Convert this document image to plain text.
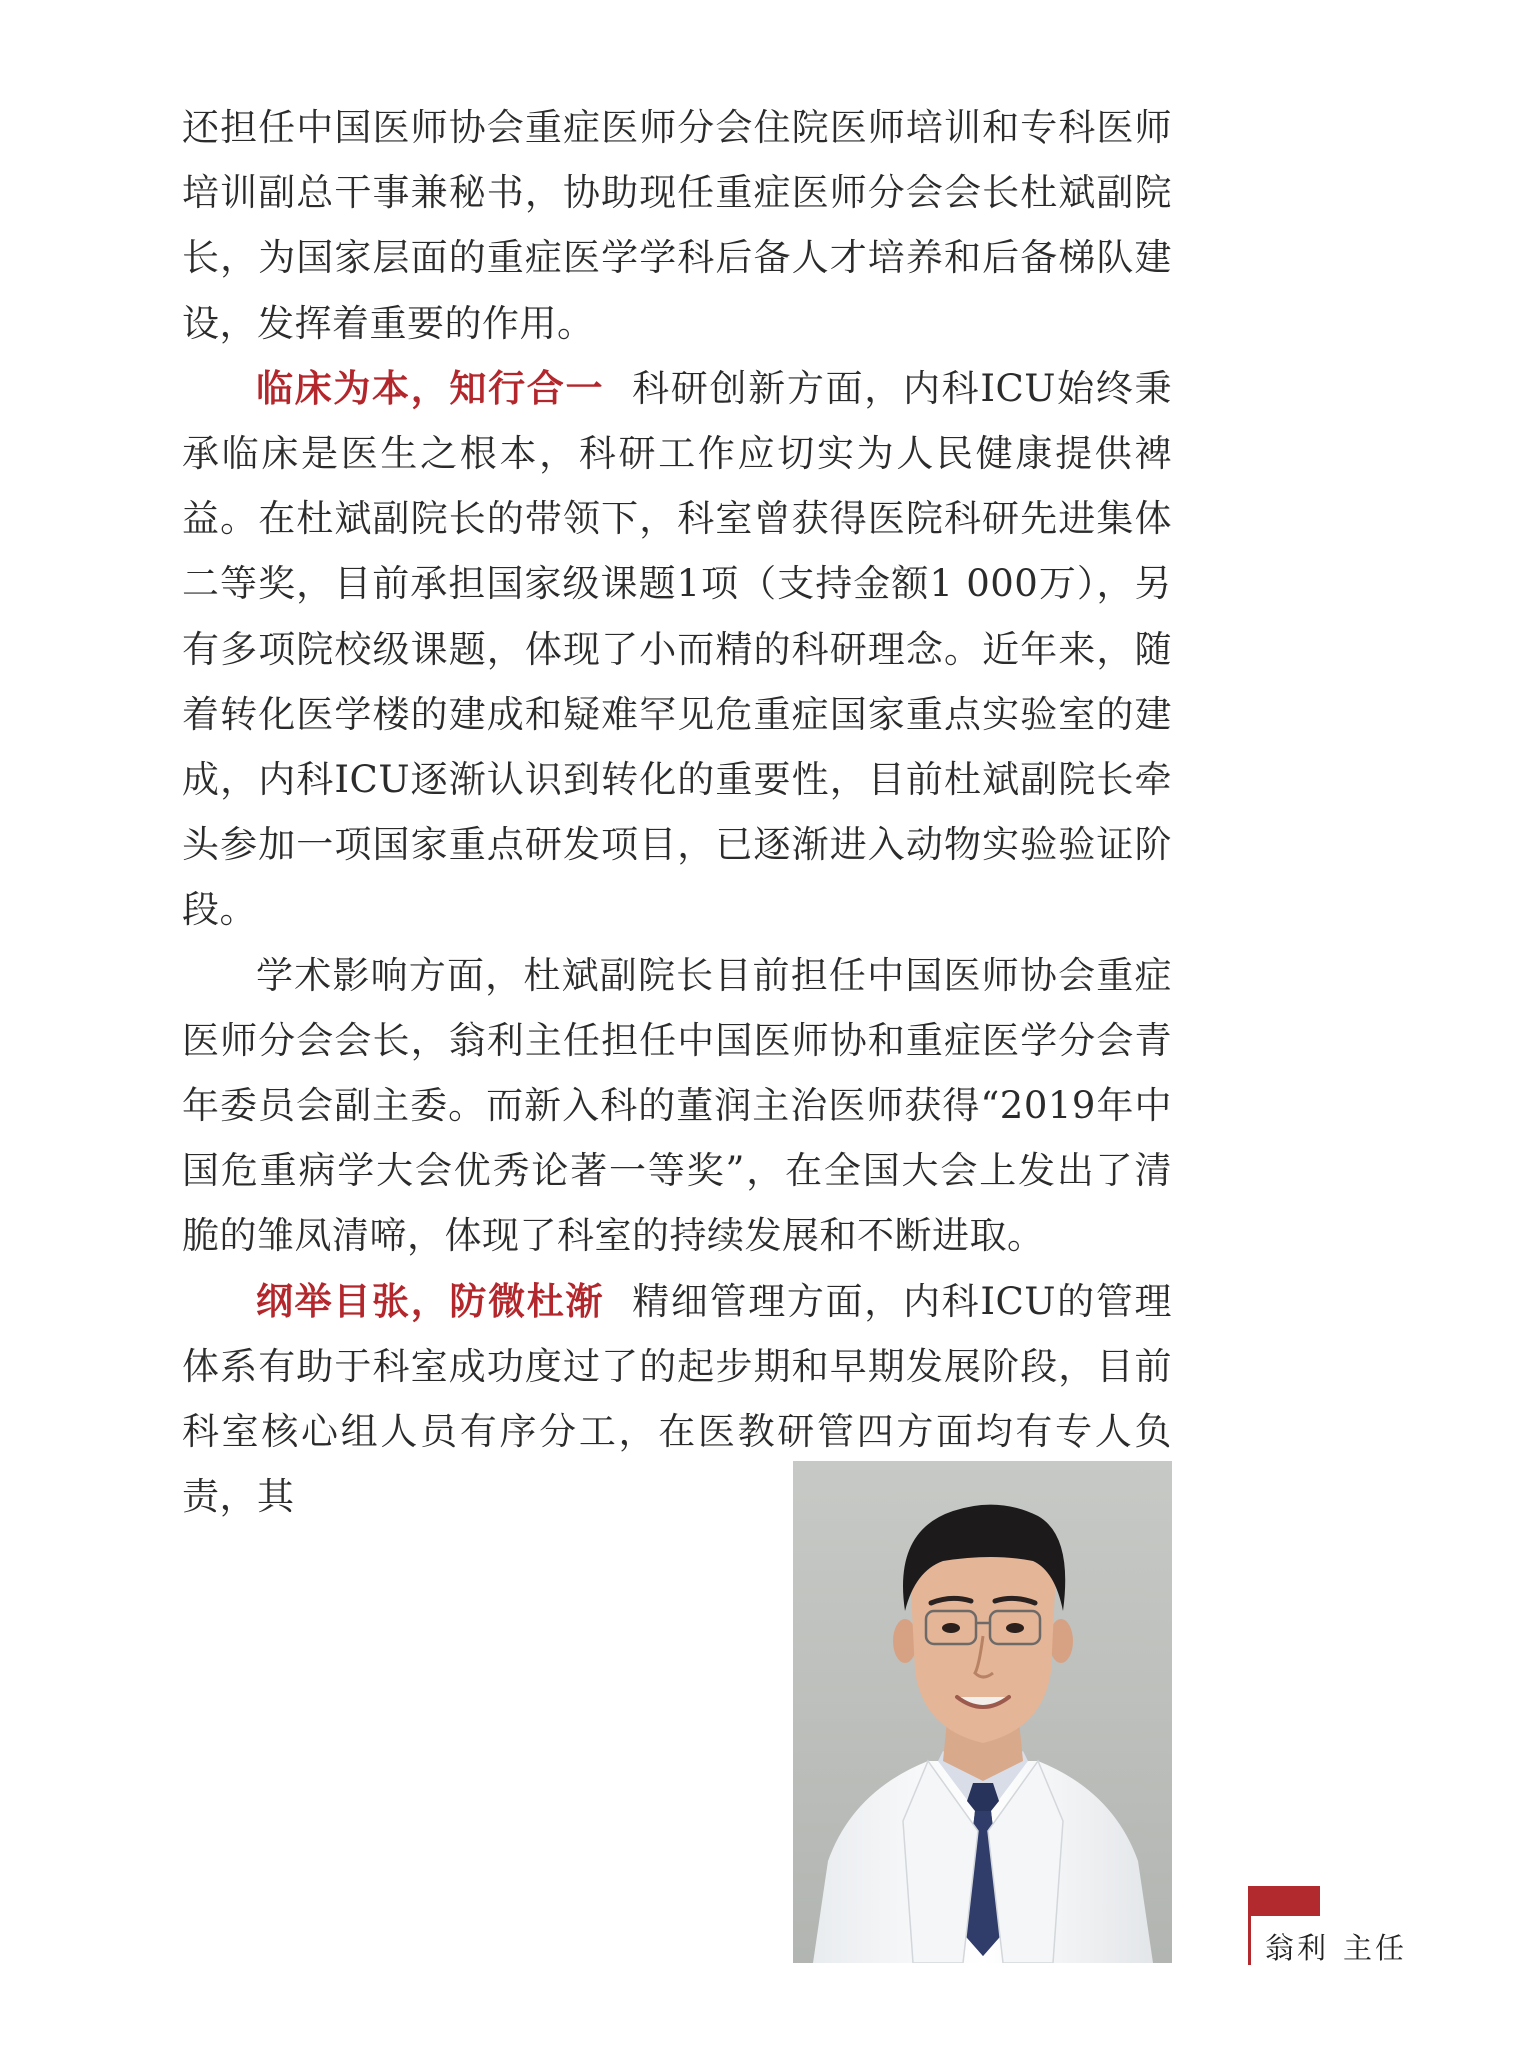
还担任中国医师协会重症医师分会住院医师培训和专科医师培训副总干事兼秘书，协助现任重症医师分会会长杜斌副院长，为国家层面的重症医学学科后备人才培养和后备梯队建设，发挥着重要的作用。

临床为本，知行合一 科研创新方面，内科ICU始终秉承临床是医生之根本，科研工作应切实为人民健康提供裨益。在杜斌副院长的带领下，科室曾获得医院科研先进集体二等奖，目前承担国家级课题1项（支持金额1 000万），另有多项院校级课题，体现了小而精的科研理念。近年来，随着转化医学楼的建成和疑难罕见危重症国家重点实验室的建成，内科ICU逐渐认识到转化的重要性，目前杜斌副院长牵头参加一项国家重点研发项目，已逐渐进入动物实验验证阶段。

学术影响方面，杜斌副院长目前担任中国医师协会重症医师分会会长，翁利主任担任中国医师协和重症医学分会青年委员会副主委。而新入科的董润主治医师获得“2019年中国危重病学大会优秀论著一等奖”，在全国大会上发出了清脆的雏凤清啼，体现了科室的持续发展和不断进取。

纲举目张，防微杜渐 精细管理方面，内科ICU的管理体系有助于科室成功度过了的起步期和早期发展阶段，目前科室核心组人员有序分工，在医教研管四方面均有专人负责，其

翁利 主任
